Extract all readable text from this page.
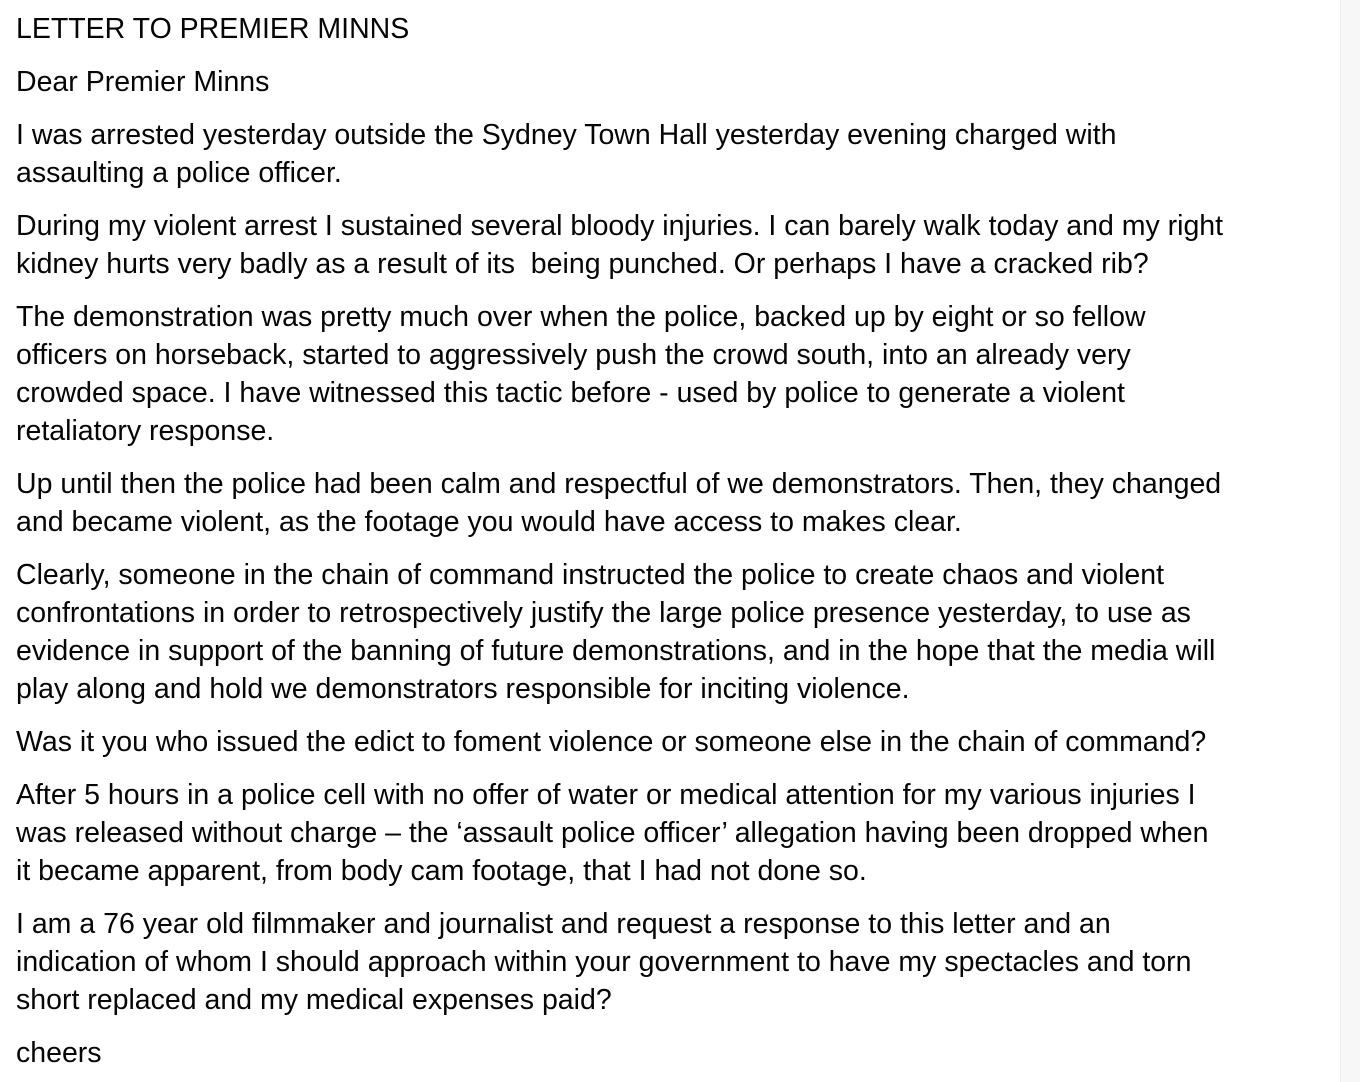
LETTER TO PREMIER MINNS

Dear Premier Minns

I was arrested yesterday outside the Sydney Town Hall yesterday evening charged with
assaulting a police officer.

During my violent arrest I sustained several bloody injuries. I can barely walk today and my right
kidney hurts very badly as a result of its  being punched. Or perhaps I have a cracked rib?

The demonstration was pretty much over when the police, backed up by eight or so fellow
officers on horseback, started to aggressively push the crowd south, into an already very
crowded space. I have witnessed this tactic before - used by police to generate a violent
retaliatory response.

Up until then the police had been calm and respectful of we demonstrators. Then, they changed
and became violent, as the footage you would have access to makes clear.

Clearly, someone in the chain of command instructed the police to create chaos and violent
confrontations in order to retrospectively justify the large police presence yesterday, to use as
evidence in support of the banning of future demonstrations, and in the hope that the media will
play along and hold we demonstrators responsible for inciting violence.

Was it you who issued the edict to foment violence or someone else in the chain of command?

After 5 hours in a police cell with no offer of water or medical attention for my various injuries I
was released without charge – the ‘assault police officer’ allegation having been dropped when
it became apparent, from body cam footage, that I had not done so.

I am a 76 year old filmmaker and journalist and request a response to this letter and an
indication of whom I should approach within your government to have my spectacles and torn
short replaced and my medical expenses paid?

cheers
